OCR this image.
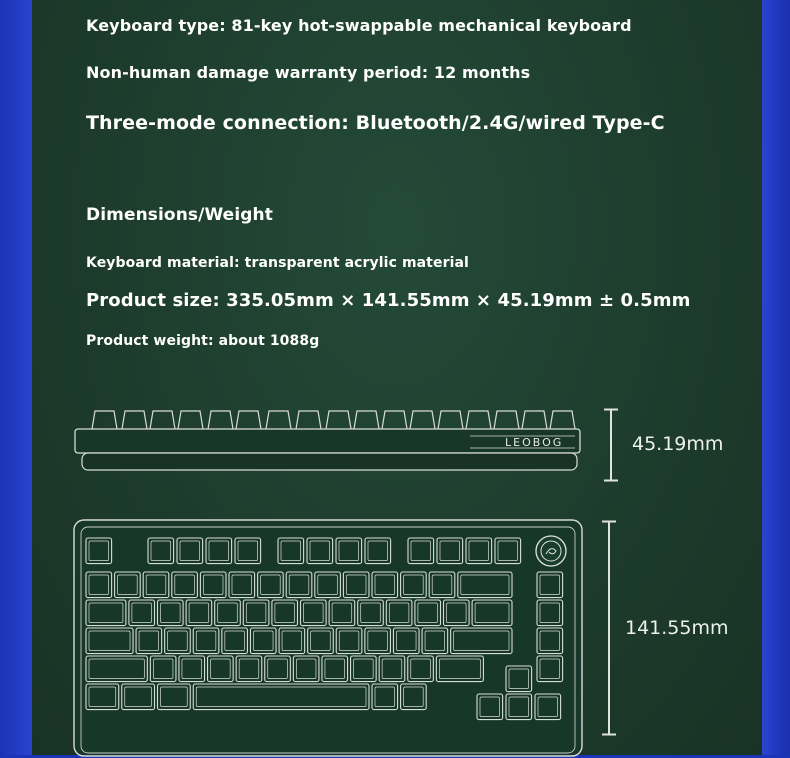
Keyboard type: 81-key hot-swappable mechanical keyboard
Non-human damage warranty period: 12 months
Three-mode connection: Bluetooth/2.4G/wired Type-C
Dimensions/Weight
Keyboard material: transparent acrylic material
Product size: 335.05mm × 141.55mm × 45.19mm ± 0.5mm
Product weight: about 1088g
LEOBOG	45.19mm
141.55mm
